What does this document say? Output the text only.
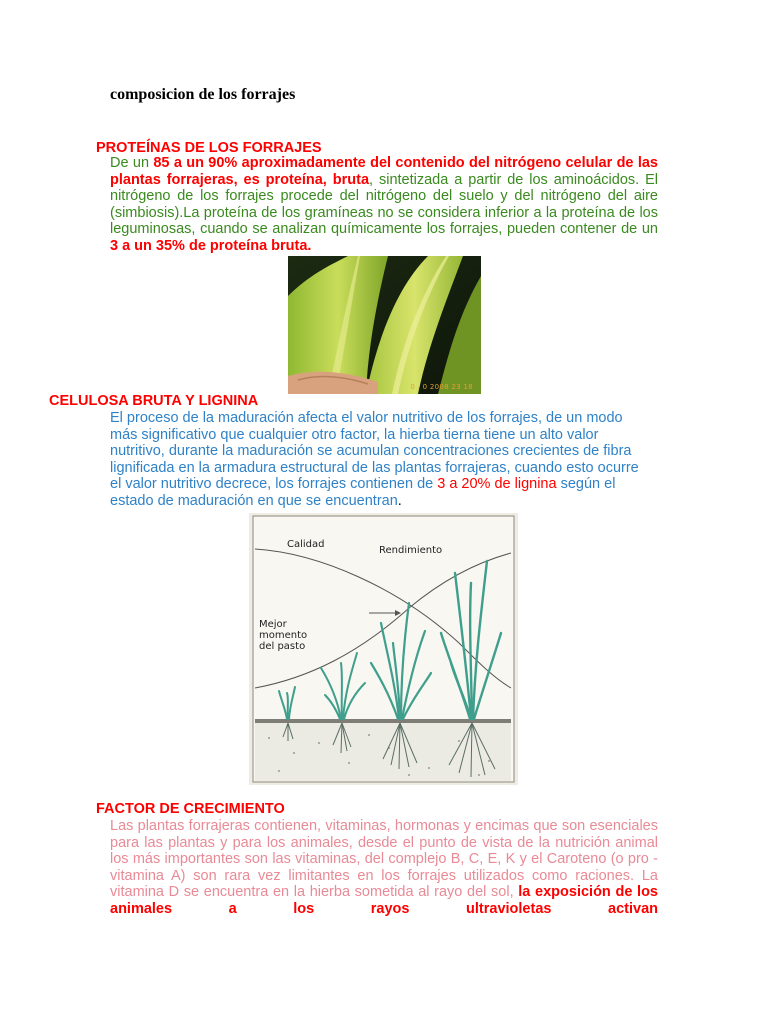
composicion de los forrajes
PROTEÍNAS DE LOS FORRAJES
De un 85 a un 90% aproximadamente del contenido del nitrógeno celular de las plantas forrajeras, es proteína, bruta, sintetizada a partir de los aminoácidos. El nitrógeno de los forrajes procede del nitrógeno del suelo y del nitrógeno del aire (simbiosis).La proteína de los gramíneas no se considera inferior a la proteína de los leguminosas, cuando se analizan químicamente los forrajes, pueden contener de un 3 a un 35% de proteína bruta.
0 . 0 2008 23 18
CELULOSA BRUTA Y LIGNINA
El proceso de la maduración afecta el valor nutritivo de los forrajes, de un modo más significativo que cualquier otro factor, la hierba tierna tiene un alto valor nutritivo, durante la maduración se acumulan concentraciones crecientes de fibra lignificada en la armadura estructural de las plantas forrajeras, cuando esto ocurre el valor nutritivo decrece, los forrajes contienen de 3 a 20% de lignina según el estado de maduración en que se encuentran.
Calidad
Rendimiento
Mejor
momento
del pasto
FACTOR DE CRECIMIENTO
Las plantas forrajeras contienen, vitaminas, hormonas y encimas que son esenciales para las plantas y para los animales, desde el punto de vista de la nutrición animal los más importantes son las vitaminas, del complejo B, C, E, K y el Caroteno (o pro - vitamina A) son rara vez limitantes en los forrajes utilizados como raciones. La vitamina D se encuentra en la hierba sometida al rayo del sol, la exposición de los animales a los rayos ultravioletas activan
